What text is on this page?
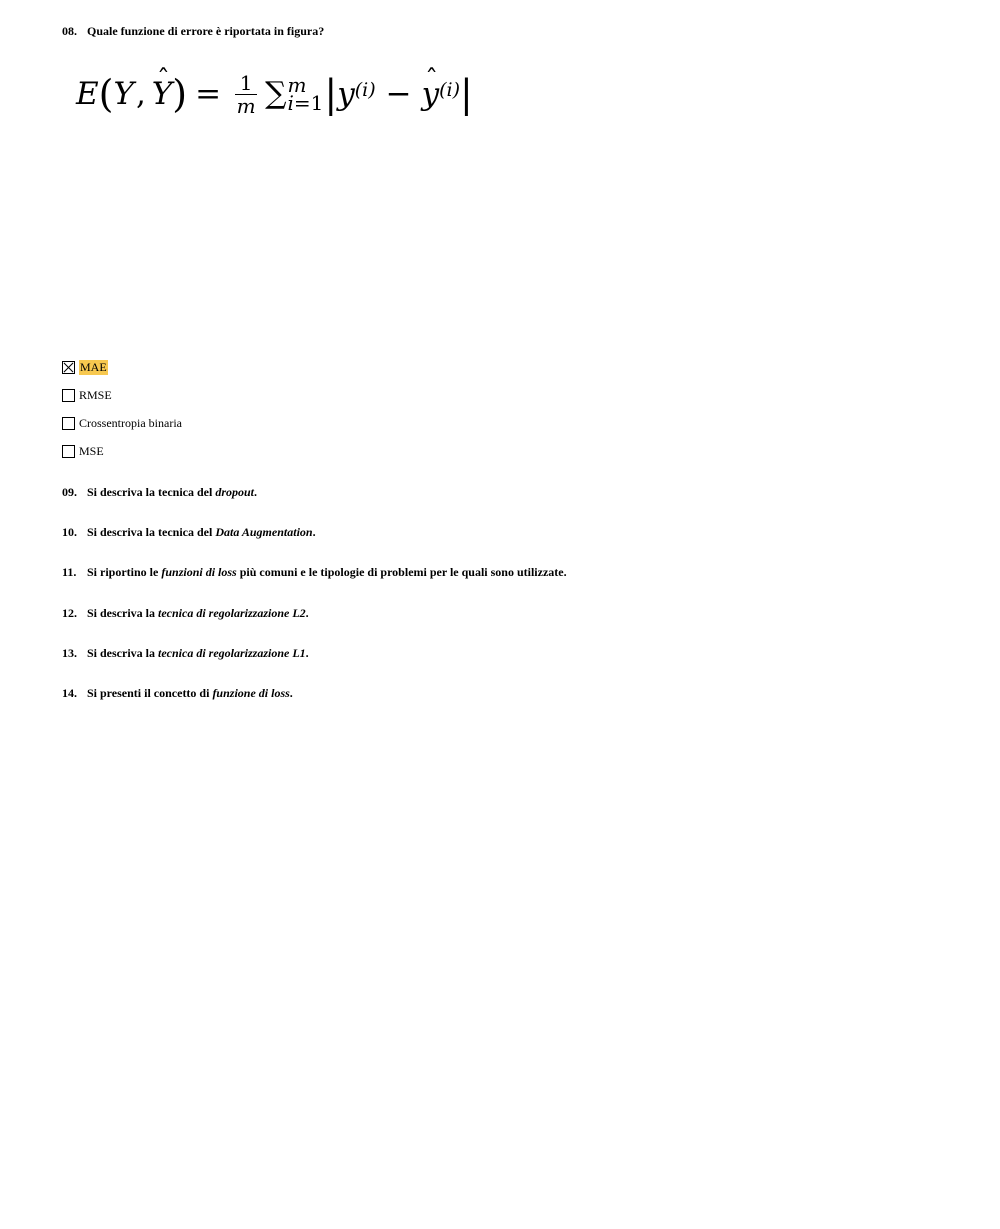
08. Quale funzione di errore è riportata in figura?
E ( Y , ˆ Y ) = $\frac{1}{m}$ ∑ m
i=1 | $y^{(i)}$ − ˆ $y^{(i)}$ |
MAE
RMSE
Crossentropia binaria
MSE
09. Si descriva la tecnica del dropout.
10. Si descriva la tecnica del Data Augmentation.
11. Si riportino le funzioni di loss più comuni e le tipologie di problemi per le quali sono utilizzate.
12. Si descriva la tecnica di regolarizzazione L2.
13. Si descriva la tecnica di regolarizzazione L1.
14. Si presenti il concetto di funzione di loss.
